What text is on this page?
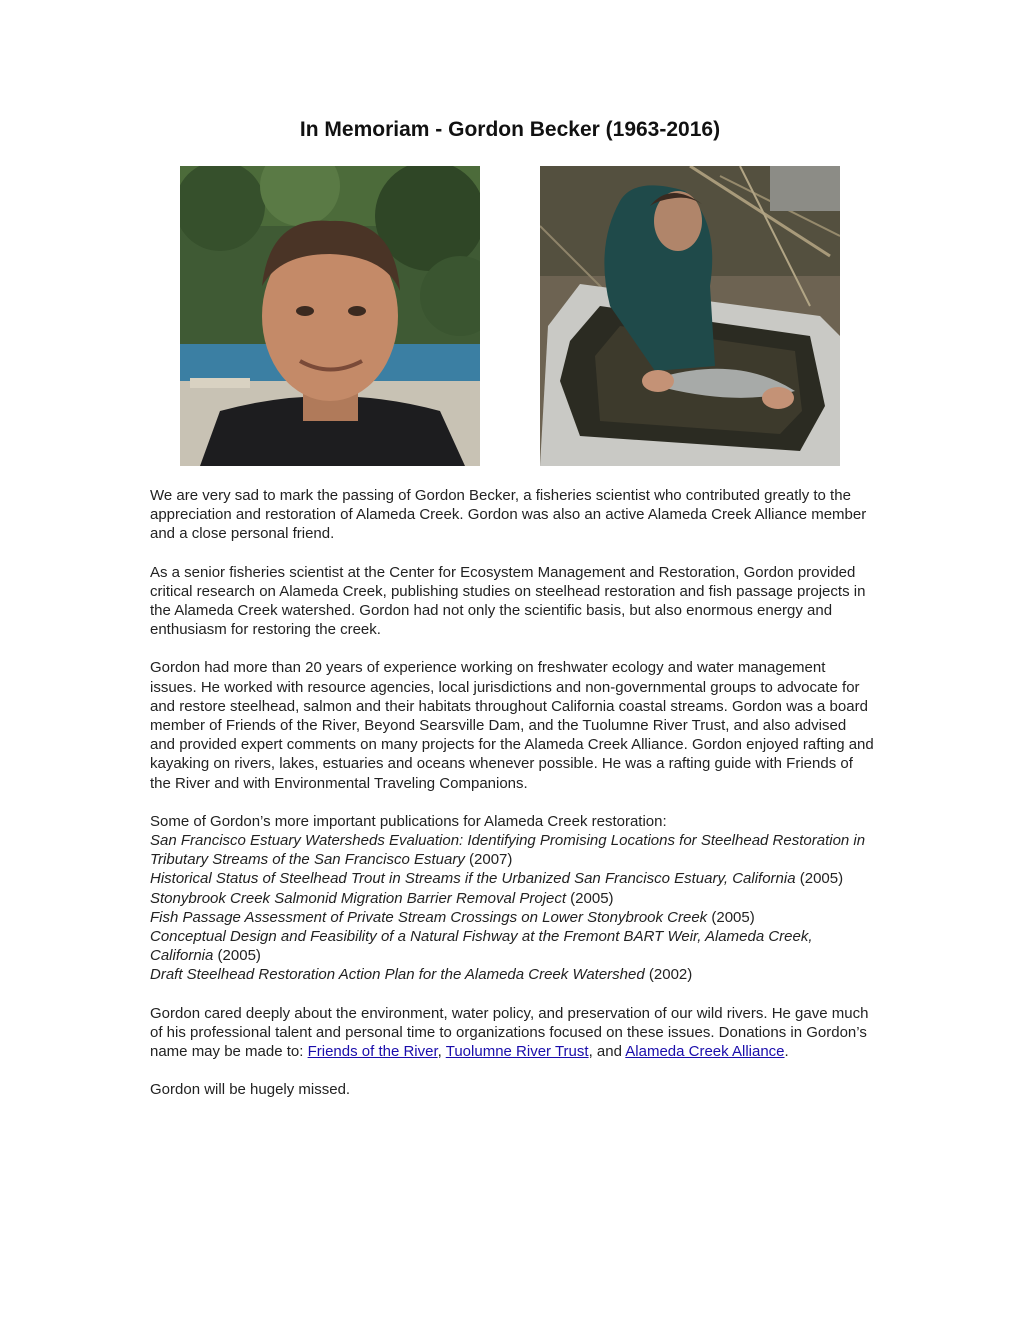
In Memoriam - Gordon Becker (1963-2016)

We are very sad to mark the passing of Gordon Becker, a fisheries scientist who contributed greatly to the appreciation and restoration of Alameda Creek. Gordon was also an active Alameda Creek Alliance member and a close personal friend.

As a senior fisheries scientist at the Center for Ecosystem Management and Restoration, Gordon provided critical research on Alameda Creek, publishing studies on steelhead restoration and fish passage projects in the Alameda Creek watershed. Gordon had not only the scientific basis, but also enormous energy and enthusiasm for restoring the creek.

Gordon had more than 20 years of experience working on freshwater ecology and water management issues. He worked with resource agencies, local jurisdictions and non-governmental groups to advocate for and restore steelhead, salmon and their habitats throughout California coastal streams. Gordon was a board member of Friends of the River, Beyond Searsville Dam, and the Tuolumne River Trust, and also advised and provided expert comments on many projects for the Alameda Creek Alliance. Gordon enjoyed rafting and kayaking on rivers, lakes, estuaries and oceans whenever possible. He was a rafting guide with Friends of the River and with Environmental Traveling Companions.

Some of Gordon’s more important publications for Alameda Creek restoration:
San Francisco Estuary Watersheds Evaluation: Identifying Promising Locations for Steelhead Restoration in Tributary Streams of the San Francisco Estuary (2007)
Historical Status of Steelhead Trout in Streams if the Urbanized San Francisco Estuary, California (2005)
Stonybrook Creek Salmonid Migration Barrier Removal Project (2005)
Fish Passage Assessment of Private Stream Crossings on Lower Stonybrook Creek (2005)
Conceptual Design and Feasibility of a Natural Fishway at the Fremont BART Weir, Alameda Creek, California (2005)
Draft Steelhead Restoration Action Plan for the Alameda Creek Watershed (2002)

Gordon cared deeply about the environment, water policy, and preservation of our wild rivers. He gave much of his professional talent and personal time to organizations focused on these issues. Donations in Gordon’s name may be made to: Friends of the River, Tuolumne River Trust, and Alameda Creek Alliance.

Gordon will be hugely missed.
